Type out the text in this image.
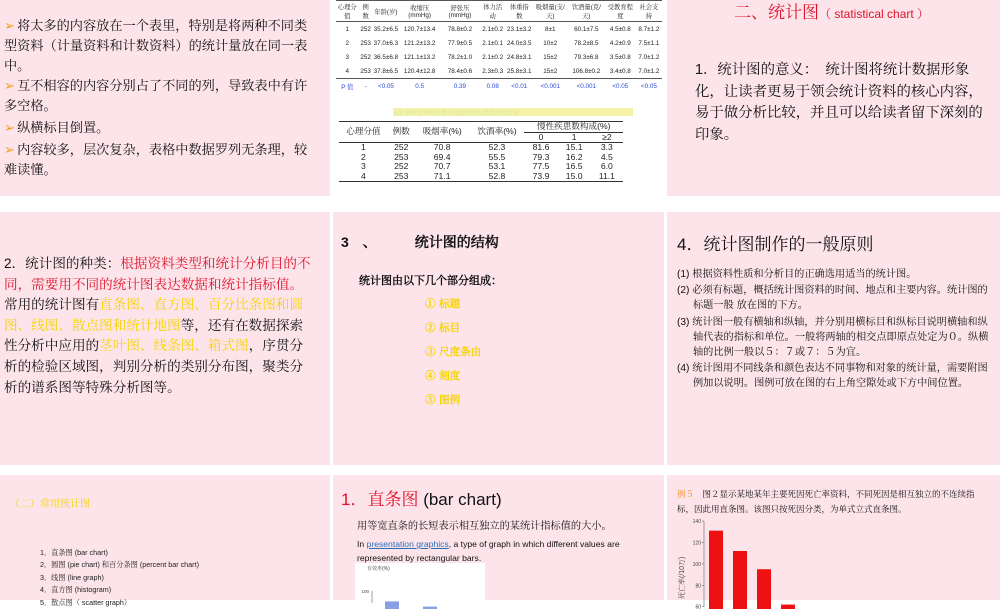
➢ 将太多的内容放在一个表里，特别是将两种不同类型资料（计量资料和计数资料）的统计量放在同一表中。
➢ 互不相容的内容分别占了不同的列，导致表中有许多空格。
➢ 纵横标目倒置。
➢ 内容较多，层次复杂，表格中数据罗列无条理，较难读懂。
心理分值	例数	年龄(岁)	收缩压(mmHg)	舒张压(mmHg)	体力活动	体重指数	吸烟量(支/天)	饮酒量(克/天)	受教育程度	社会支持
1	252	35.2±6.5	120.7±13.4	78.8±0.2	2.1±0.2	23.1±3.2	8±1	60.1±7.5	4.5±0.8	8.7±1.2
2	253	37.0±6.3	121.2±13.2	77.9±0.5	2.1±0.1	24.0±3.5	10±2	78.2±8.5	4.2±0.9	7.5±1.1
3	252	36.5±6.8	121.1±13.2	78.2±1.0	2.1±0.2	24.8±3.1	15±2	79.3±6.8	3.5±0.8	7.0±1.2
4	253	37.8±6.5	120.4±12.8	78.4±0.6	2.3±0.3	25.8±3.1	15±2	106.8±0.2	3.4±0.8	7.0±1.2
P 值	-	<0.05	0.5	0.39	0.08	<0.01	<0.001	<0.001	<0.05	<0.05
表X 某研究不同心理分值组慢性疾患数构成比较
心理分值	例数	吸烟率(%)	饮酒率(%)	慢性疾患数构成(%)		
				0	1	≥2
1	252	70.8	52.3	81.6	15.1	3.3
2	253	69.4	55.5	79.3	16.2	4.5
3	252	70.7	53.1	77.5	16.5	6.0
4	253	71.1	52.8	73.9	15.0	11.1
二、统计图（ statistical chart ）
1．统计图的意义：　统计图将统计数据形象化，让读者更易于领会统计资料的核心内容，易于做分析比较，并且可以给读者留下深刻的印象。
2．统计图的种类：根据资料类型和统计分析目的不同，需要用不同的统计图表达数据和统计指标值。常用的统计图有直条图、直方图、百分比条图和圆图、线图、散点图和统计地图等，还有在数据探索性分析中应用的茎叶图、线条图、箱式图，序贯分析的检验区域图，判别分析的类别分布图，聚类分析的谱系图等特殊分析图等。
3　、	统计图的结构
统计图由以下几个部分组成：
① 标题
② 标目
③ 尺度条由
④ 刻度
⑤ 图例
4．统计图制作的一般原则

(1) 根据资料性质和分析目的正确选用适当的统计图。

(2) 必须有标题，概括统计图资料的时间、地点和主要内容。统计图的标题一般 放在图的下方。

(3) 统计图一般有横轴和纵轴，并分别用横标目和纵标目说明横轴和纵轴代表的指标和单位。一般将两轴的相交点即原点处定为０。纵横轴的比例一般以５：７或７：５为宜。

(4) 统计图用不同线条和颜色表达不同事物和对象的统计量，需要附图例加以说明。图例可放在图的右上角空隙处或下方中间位置。

（二）常用统计图
1．直条图 (bar chart)
2．圆图 (pie chart) 和百分条图 (percent bar chart)
3．线图 (line graph)
4．直方图 (histogram)
5．散点图（ scatter graph）
1．直条图 (bar chart)
用等宽直条的长短表示相互独立的某统计指标值的大小。
In presentation graphics, a type of graph in which different values are represented by rectangular bars.
有效率(%)
100
例５　图２显示某地某年主要死因死亡率资料，不同死因是相互独立的不连续指标，因此用直条图。该图只按死因分类，为单式立式直条图。
死亡率(/10万)
140
120
100
80
60
